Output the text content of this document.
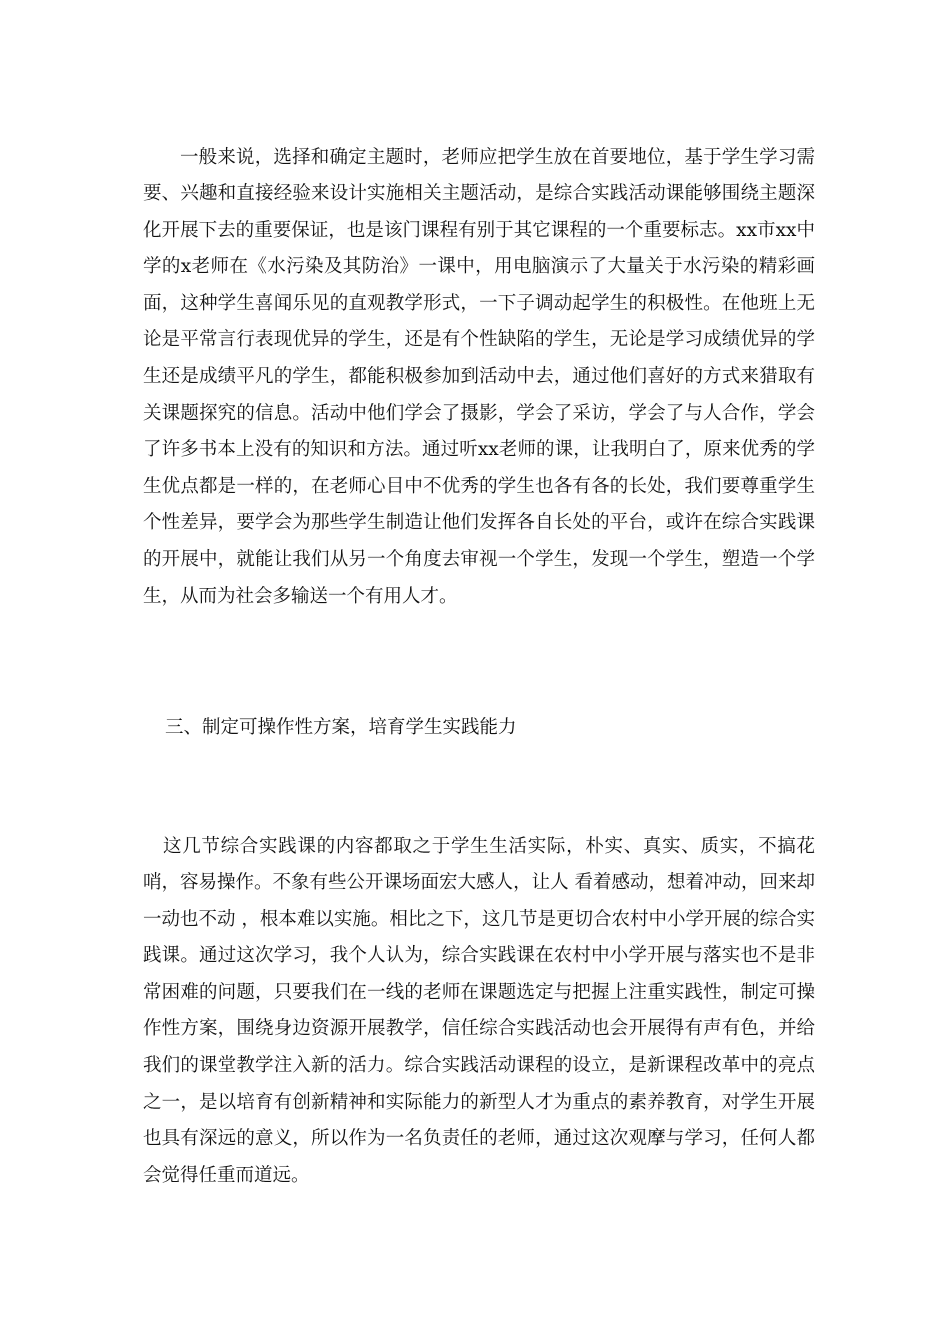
一般来说，选择和确定主题时，老师应把学生放在首要地位，基于学生学习需要、兴趣和直接经验来设计实施相关主题活动，是综合实践活动课能够围绕主题深化开展下去的重要保证，也是该门课程有别于其它课程的一个重要标志。xx市xx中学的x老师在《水污染及其防治》一课中，用电脑演示了大量关于水污染的精彩画面，这种学生喜闻乐见的直观教学形式，一下子调动起学生的积极性。在他班上无论是平常言行表现优异的学生，还是有个性缺陷的学生，无论是学习成绩优异的学生还是成绩平凡的学生，都能积极参加到活动中去，通过他们喜好的方式来猎取有关课题探究的信息。活动中他们学会了摄影，学会了采访，学会了与人合作，学会了许多书本上没有的知识和方法。通过听xx老师的课，让我明白了，原来优秀的学生优点都是一样的，在老师心目中不优秀的学生也各有各的长处，我们要尊重学生个性差异，要学会为那些学生制造让他们发挥各自长处的平台，或许在综合实践课的开展中，就能让我们从另一个角度去审视一个学生，发现一个学生，塑造一个学生，从而为社会多输送一个有用人才。

三、制定可操作性方案，培育学生实践能力

这几节综合实践课的内容都取之于学生生活实际，朴实、真实、质实，不搞花哨，容易操作。不象有些公开课场面宏大感人，让人 看着感动，想着冲动，回来却一动也不动 ，根本难以实施。相比之下，这几节是更切合农村中小学开展的综合实践课。通过这次学习，我个人认为，综合实践课在农村中小学开展与落实也不是非常困难的问题，只要我们在一线的老师在课题选定与把握上注重实践性，制定可操作性方案，围绕身边资源开展教学，信任综合实践活动也会开展得有声有色，并给我们的课堂教学注入新的活力。综合实践活动课程的设立，是新课程改革中的亮点之一，是以培育有创新精神和实际能力的新型人才为重点的素养教育，对学生开展也具有深远的意义，所以作为一名负责任的老师，通过这次观摩与学习，任何人都会觉得任重而道远。
